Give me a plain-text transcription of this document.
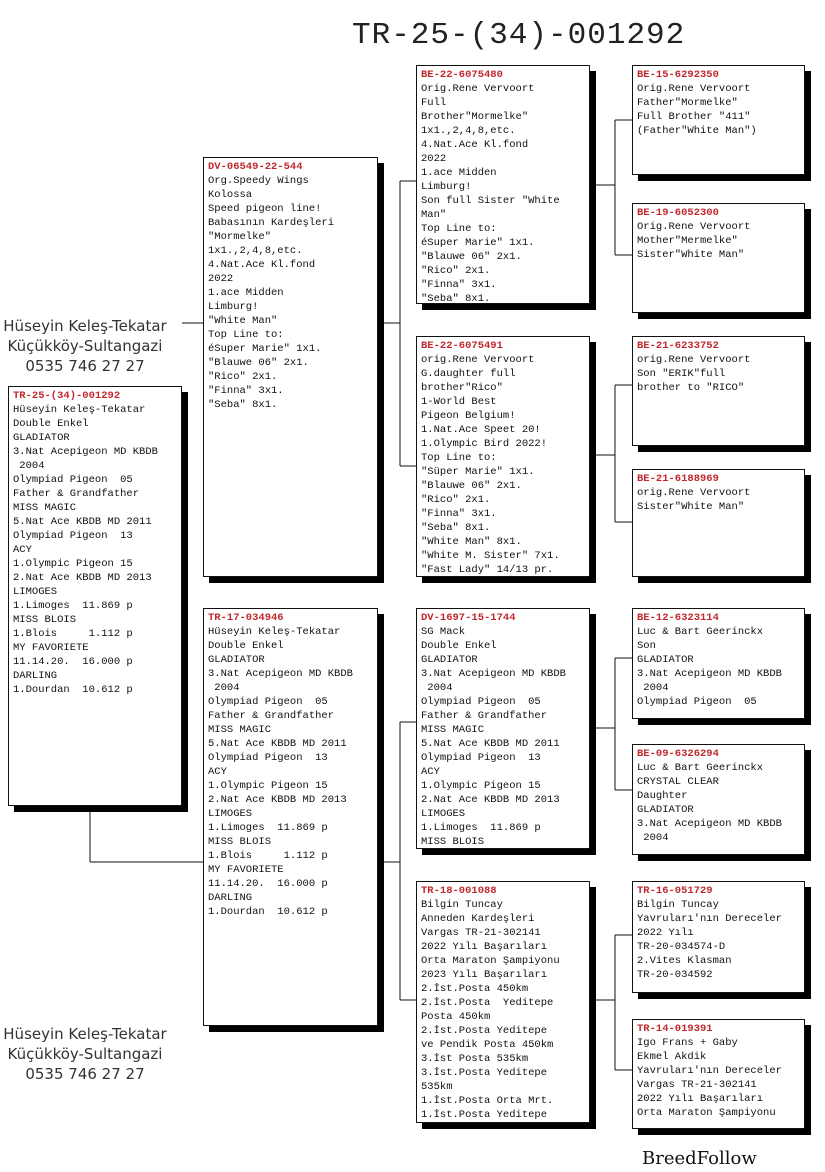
TR-25-(34)-001292
TR-25-(34)-001292
Hüseyin Keleş-Tekatar
Double Enkel
GLADIATOR
3.Nat Acepigeon MD KBDB
2004
Olympiad Pigeon  05
Father & Grandfather
MISS MAGIC
5.Nat Ace KBDB MD 2011
Olympiad Pigeon  13
ACY
1.Olympic Pigeon 15
2.Nat Ace KBDB MD 2013
LIMOGES
1.Limoges  11.869 p
MISS BLOIS
1.Blois     1.112 p
MY FAVORIETE
11.14.20.  16.000 p
DARLING
1.Dourdan  10.612 p
DV-06549-22-544
Org.Speedy Wings
Kolossa
Speed pigeon line!
Babasının Kardeşleri
"Mormelke"
1x1.,2,4,8,etc.
4.Nat.Ace Kl.fond
2022
1.ace Midden
Limburg!
"White Man"
Top Line to:
éSuper Marie" 1x1.
"Blauwe 06" 2x1.
"Rico" 2x1.
"Finna" 3x1.
"Seba" 8x1.
TR-17-034946
Hüseyin Keleş-Tekatar
Double Enkel
GLADIATOR
3.Nat Acepigeon MD KBDB
2004
Olympiad Pigeon  05
Father & Grandfather
MISS MAGIC
5.Nat Ace KBDB MD 2011
Olympiad Pigeon  13
ACY
1.Olympic Pigeon 15
2.Nat Ace KBDB MD 2013
LIMOGES
1.Limoges  11.869 p
MISS BLOIS
1.Blois     1.112 p
MY FAVORIETE
11.14.20.  16.000 p
DARLING
1.Dourdan  10.612 p
BE-22-6075480
Orig.Rene Vervoort
Full
Brother"Mormelke"
1x1.,2,4,8,etc.
4.Nat.Ace Kl.fond
2022
1.ace Midden
Limburg!
Son full Sister "White
Man"
Top Line to:
éSuper Marie" 1x1.
"Blauwe 06" 2x1.
"Rico" 2x1.
"Finna" 3x1.
"Seba" 8x1.
BE-22-6075491
orig.Rene Vervoort
G.daughter full
brother"Rico"
1-World Best
Pigeon Belgium!
1.Nat.Ace Speet 20!
1.Olympic Bird 2022!
Top Line to:
"Süper Marie" 1x1.
"Blauwe 06" 2x1.
"Rico" 2x1.
"Finna" 3x1.
"Seba" 8x1.
"White Man" 8x1.
"White M. Sister" 7x1.
"Fast Lady" 14/13 pr.
DV-1697-15-1744
SG Mack
Double Enkel
GLADIATOR
3.Nat Acepigeon MD KBDB
2004
Olympiad Pigeon  05
Father & Grandfather
MISS MAGIC
5.Nat Ace KBDB MD 2011
Olympiad Pigeon  13
ACY
1.Olympic Pigeon 15
2.Nat Ace KBDB MD 2013
LIMOGES
1.Limoges  11.869 p
MISS BLOIS
TR-18-001088
Bilgin Tuncay
Anneden Kardeşleri
Vargas TR-21-302141
2022 Yılı Başarıları
Orta Maraton Şampiyonu
2023 Yılı Başarıları
2.İst.Posta 450km
2.İst.Posta  Yeditepe
Posta 450km
2.İst.Posta Yeditepe
ve Pendik Posta 450km
3.İst Posta 535km
3.İst.Posta Yeditepe
535km
1.İst.Posta Orta Mrt.
1.İst.Posta Yeditepe
BE-15-6292350
Orig.Rene Vervoort
Father"Mormelke"
Full Brother "411"
(Father"White Man")
BE-19-6052300
Orig.Rene Vervoort
Mother"Mermelke"
Sister"White Man"
BE-21-6233752
orig.Rene Vervoort
Son "ERIK"full
brother to "RICO"
BE-21-6188969
orig.Rene Vervoort
Sister"White Man"
BE-12-6323114
Luc & Bart Geerinckx
Son
GLADIATOR
3.Nat Acepigeon MD KBDB
2004
Olympiad Pigeon  05
BE-09-6326294
Luc & Bart Geerinckx
CRYSTAL CLEAR
Daughter
GLADIATOR
3.Nat Acepigeon MD KBDB
2004
TR-16-051729
Bilgin Tuncay
Yavruları'nın Dereceler
2022 Yılı
TR-20-034574-D
2.Vites Klasman
TR-20-034592
TR-14-019391
Igo Frans + Gaby
Ekmel Akdik
Yavruları'nın Dereceler
Vargas TR-21-302141
2022 Yılı Başarıları
Orta Maraton Şampiyonu
Hüseyin Keleş-Tekatar
Küçükköy-Sultangazi
0535 746 27 27
Hüseyin Keleş-Tekatar
Küçükköy-Sultangazi
0535 746 27 27
BreedFollow
